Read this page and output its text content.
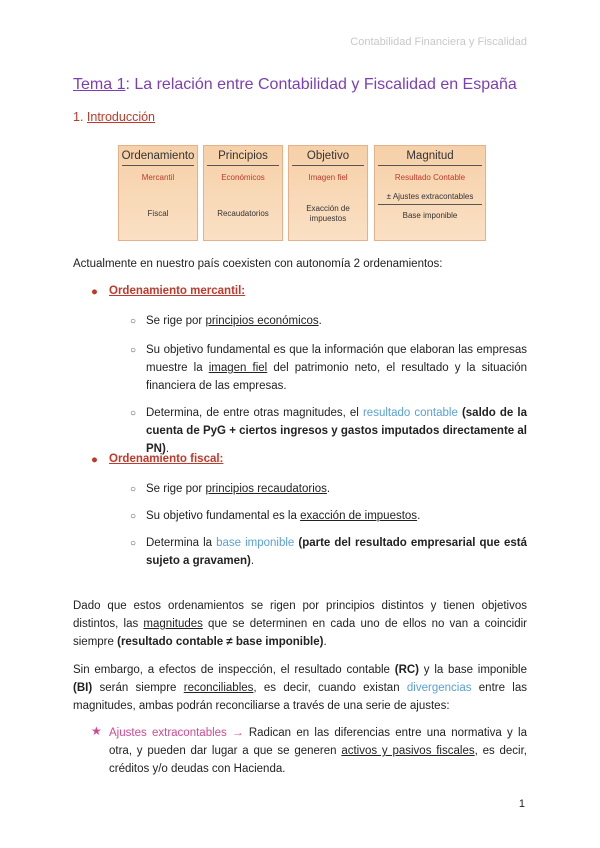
Contabilidad Financiera y Fiscalidad
Tema 1: La relación entre Contabilidad y Fiscalidad en España
1. Introducción
Ordenamiento
Mercantil
Fiscal
Principios
Económicos
Recaudatorios
Objetivo
Imagen fiel
Exacción de impuestos
Magnitud
Resultado Contable
± Ajustes extracontables
Base imponible
Actualmente en nuestro país coexisten con autonomía 2 ordenamientos:
● Ordenamiento mercantil:
○ Se rige por principios económicos.
○ Su objetivo fundamental es que la información que elaboran las empresas muestre la imagen fiel del patrimonio neto, el resultado y la situación financiera de las empresas.
○ Determina, de entre otras magnitudes, el resultado contable (saldo de la cuenta de PyG + ciertos ingresos y gastos imputados directamente al PN).
● Ordenamiento fiscal:
○ Se rige por principios recaudatorios.
○ Su objetivo fundamental es la exacción de impuestos.
○ Determina la base imponible (parte del resultado empresarial que está sujeto a gravamen).
Dado que estos ordenamientos se rigen por principios distintos y tienen objetivos distintos, las magnitudes que se determinen en cada uno de ellos no van a coincidir siempre (resultado contable ≠ base imponible).
Sin embargo, a efectos de inspección, el resultado contable (RC) y la base imponible (BI) serán siempre reconciliables, es decir, cuando existan divergencias entre las magnitudes, ambas podrán reconciliarse a través de una serie de ajustes:
★ Ajustes extracontables → Radican en las diferencias entre una normativa y la otra, y pueden dar lugar a que se generen activos y pasivos fiscales, es decir, créditos y/o deudas con Hacienda.
1
